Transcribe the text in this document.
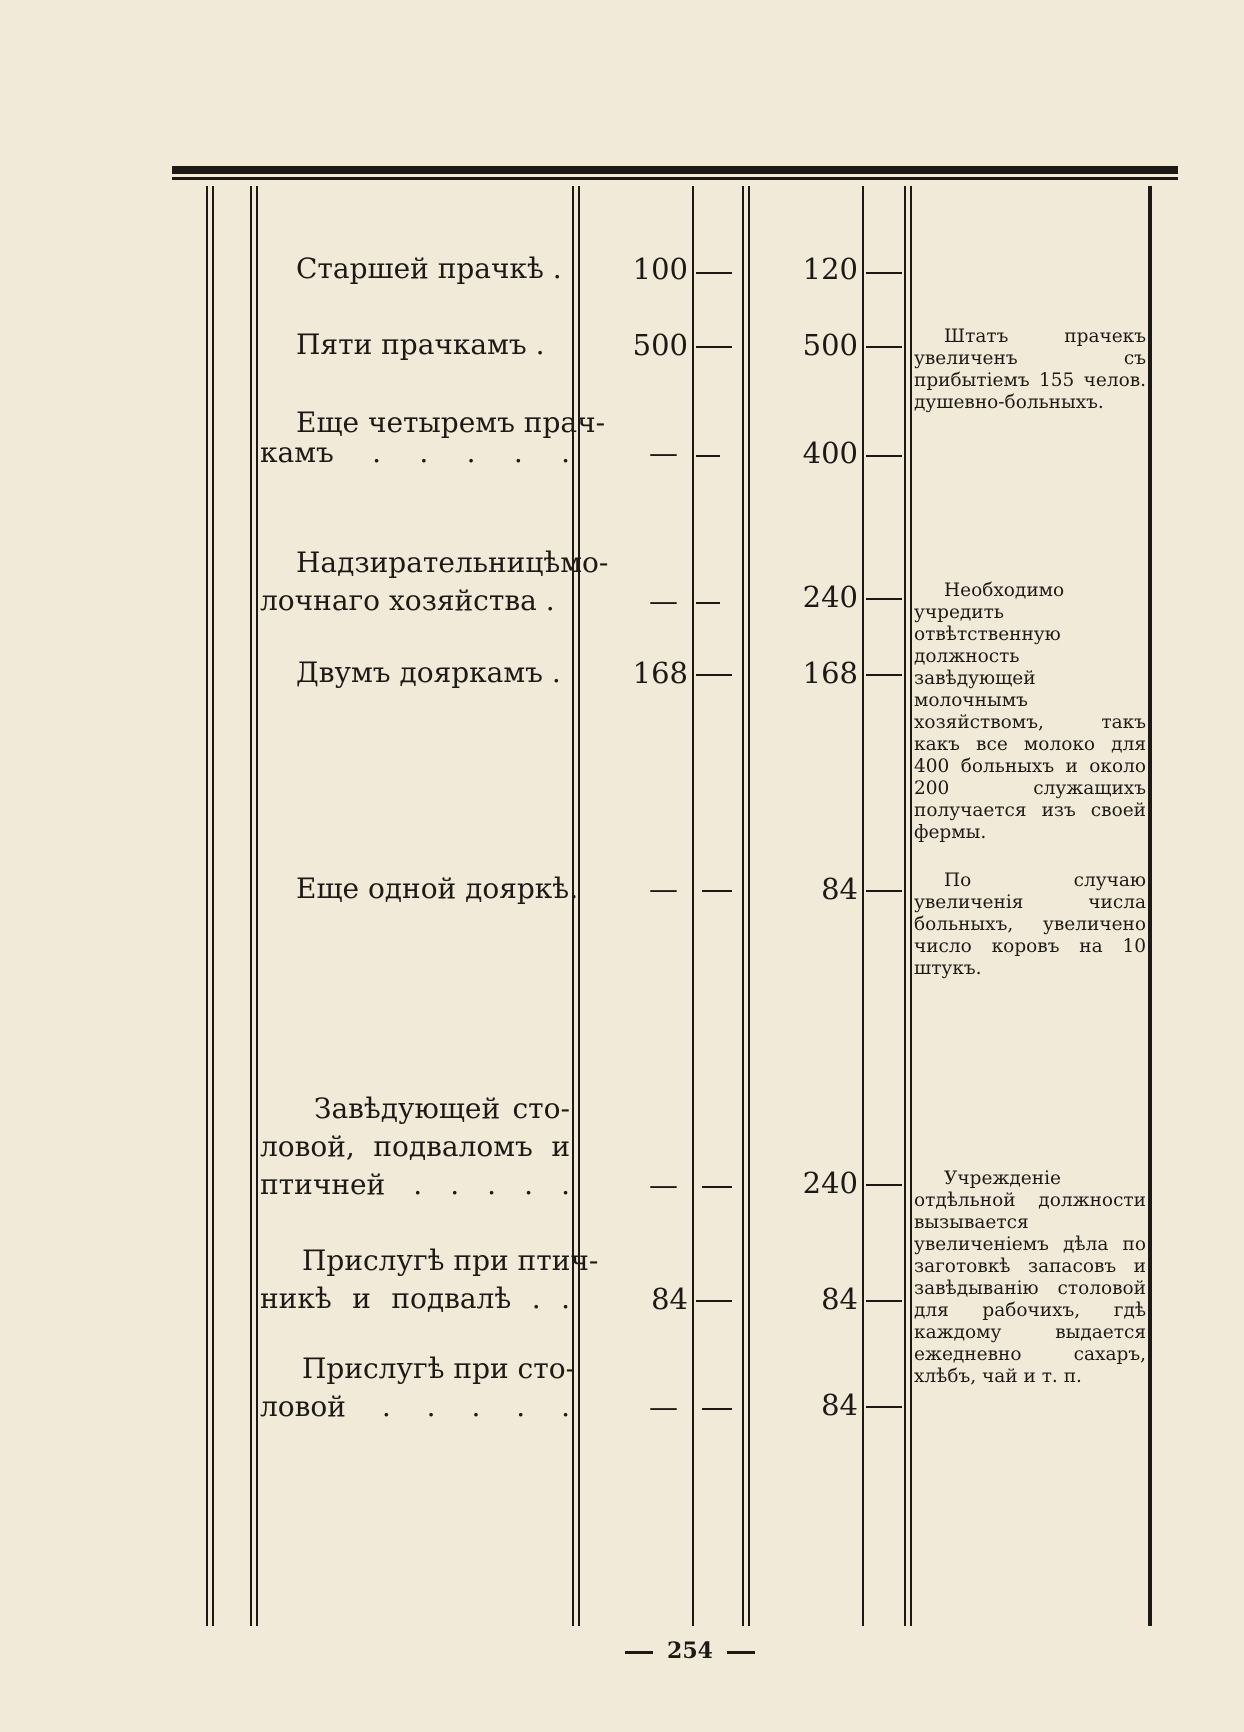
Старшей прачкѣ .	100	120
Пяти прачкамъ .	500	500	Штатъ прачекъ увеличенъ съ прибытіемъ 155 челов. душевно-больныхъ.
Еще четыремъ прач-
камъ . . . . .	—	400
Надзирательницѣмо-
лочнаго хозяйства .	—	240	Необходимо учредить отвѣтственную должность завѣдующей молочнымъ хозяйствомъ, такъ какъ все молоко для 400 больныхъ и около 200 служащихъ получается изъ своей фермы.
Двумъ дояркамъ .	168	168
Еще одной дояркѣ.	—	84	По случаю увеличенія числа больныхъ, увеличено число коровъ на 10 штукъ.
Завѣдующей сто-
ловой, подваломъ и
птичней . . . . .	—	240	Учрежденіе отдѣльной должности вызывается увеличеніемъ дѣла по заготовкѣ запасовъ и завѣдыванію столовой для рабочихъ, гдѣ каждому выдается ежедневно сахаръ, хлѣбъ, чай и т. п.
Прислугѣ при птич-
никѣ и подвалѣ . .	84	84
Прислугѣ при сто-
ловой . . . . .	—	84
254
